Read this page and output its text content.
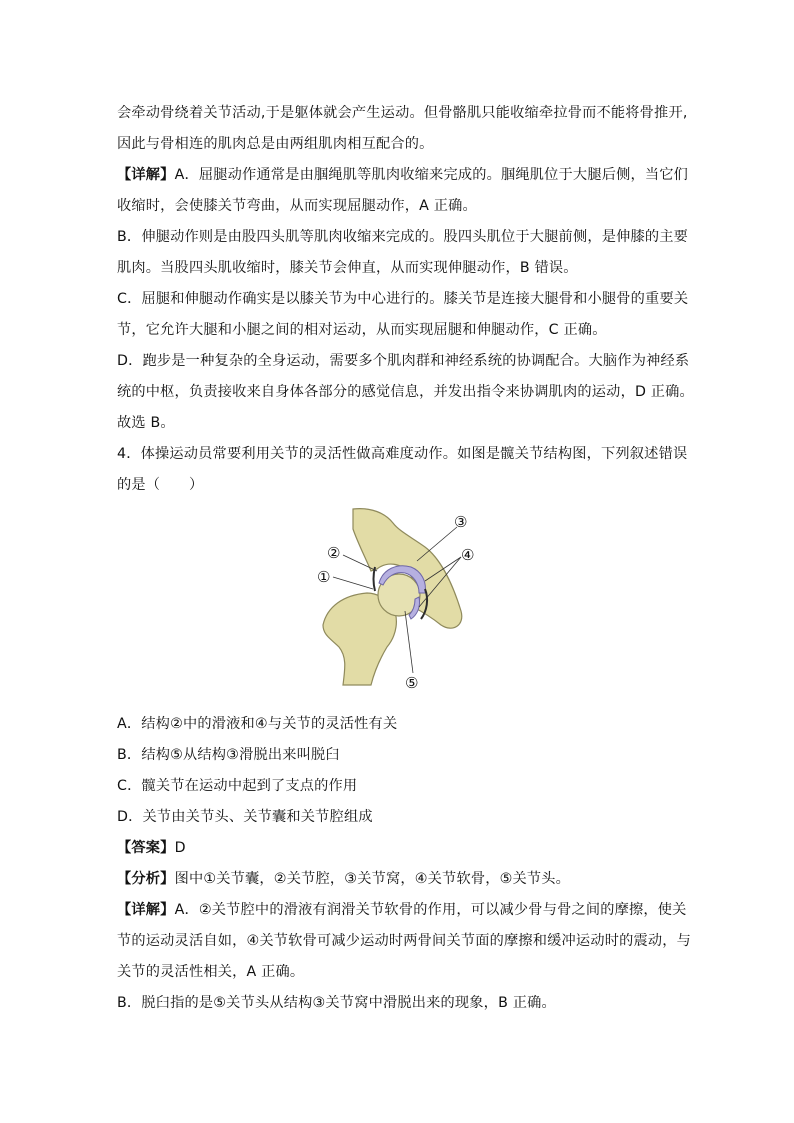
会牵动骨绕着关节活动,于是躯体就会产生运动。但骨骼肌只能收缩牵拉骨而不能将骨推开,
因此与骨相连的肌肉总是由两组肌肉相互配合的。
【详解】A．屈腿动作通常是由腘绳肌等肌肉收缩来完成的。腘绳肌位于大腿后侧，当它们
收缩时，会使膝关节弯曲，从而实现屈腿动作，A 正确。
B．伸腿动作则是由股四头肌等肌肉收缩来完成的。股四头肌位于大腿前侧，是伸膝的主要
肌肉。当股四头肌收缩时，膝关节会伸直，从而实现伸腿动作，B 错误。
C．屈腿和伸腿动作确实是以膝关节为中心进行的。膝关节是连接大腿骨和小腿骨的重要关
节，它允许大腿和小腿之间的相对运动，从而实现屈腿和伸腿动作，C 正确。
D．跑步是一种复杂的全身运动，需要多个肌肉群和神经系统的协调配合。大脑作为神经系
统的中枢，负责接收来自身体各部分的感觉信息，并发出指令来协调肌肉的运动，D 正确。
故选 B。
4．体操运动员常要利用关节的灵活性做高难度动作。如图是髋关节结构图，下列叙述错误
的是（　　）
①
②
③
④
⑤
A．结构②中的滑液和④与关节的灵活性有关
B．结构⑤从结构③滑脱出来叫脱臼
C．髋关节在运动中起到了支点的作用
D．关节由关节头、关节囊和关节腔组成
【答案】D
【分析】图中①关节囊，②关节腔，③关节窝，④关节软骨，⑤关节头。
【详解】A．②关节腔中的滑液有润滑关节软骨的作用，可以减少骨与骨之间的摩擦，使关
节的运动灵活自如，④关节软骨可减少运动时两骨间关节面的摩擦和缓冲运动时的震动，与
关节的灵活性相关，A 正确。
B．脱臼指的是⑤关节头从结构③关节窝中滑脱出来的现象，B 正确。
